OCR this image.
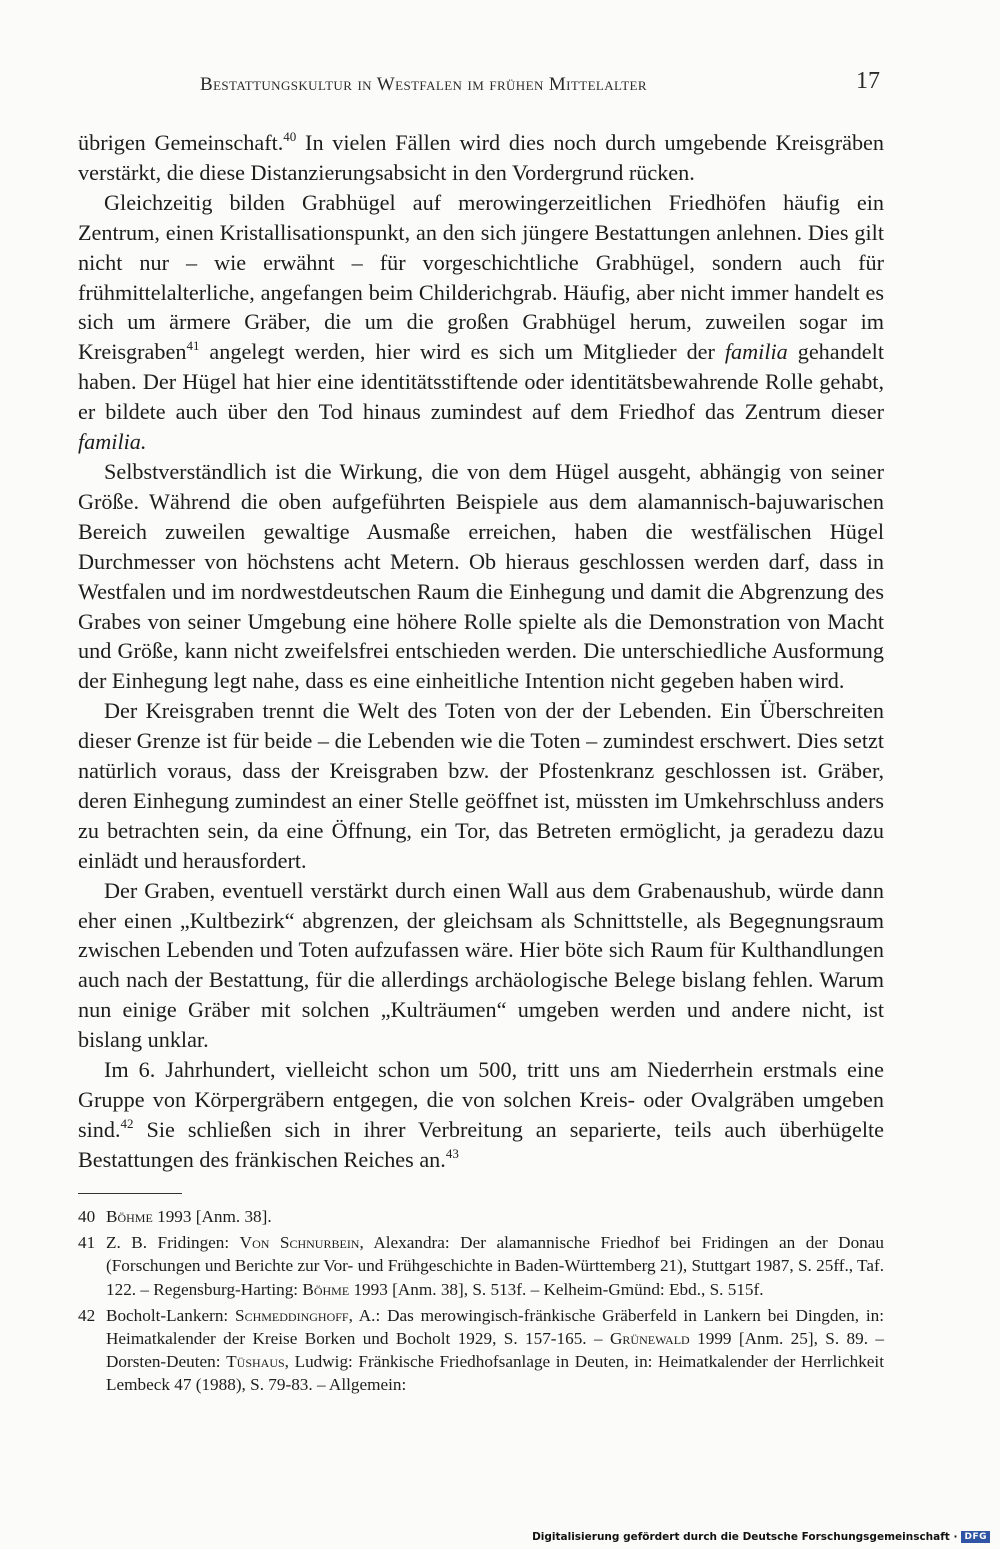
Bestattungskultur in Westfalen im frühen Mittelalter	17

übrigen Gemeinschaft.$^{40}$ In vielen Fällen wird dies noch durch umgebende Kreisgräben verstärkt, die diese Distanzierungsabsicht in den Vordergrund rücken.

Gleichzeitig bilden Grabhügel auf merowingerzeitlichen Friedhöfen häufig ein Zentrum, einen Kristallisationspunkt, an den sich jüngere Bestattungen anlehnen. Dies gilt nicht nur – wie erwähnt – für vorgeschichtliche Grabhügel, sondern auch für frühmittelalterliche, angefangen beim Childerichgrab. Häufig, aber nicht immer handelt es sich um ärmere Gräber, die um die großen Grabhügel herum, zuweilen sogar im Kreisgraben$^{41}$ angelegt werden, hier wird es sich um Mitglieder der familia gehandelt haben. Der Hügel hat hier eine identitätsstiftende oder identitätsbewahrende Rolle gehabt, er bildete auch über den Tod hinaus zumindest auf dem Friedhof das Zentrum dieser familia.

Selbstverständlich ist die Wirkung, die von dem Hügel ausgeht, abhängig von seiner Größe. Während die oben aufgeführten Beispiele aus dem alamannisch-bajuwarischen Bereich zuweilen gewaltige Ausmaße erreichen, haben die westfälischen Hügel Durchmesser von höchstens acht Metern. Ob hieraus geschlossen werden darf, dass in Westfalen und im nordwestdeutschen Raum die Einhegung und damit die Abgrenzung des Grabes von seiner Umgebung eine höhere Rolle spielte als die Demonstration von Macht und Größe, kann nicht zweifelsfrei entschieden werden. Die unterschiedliche Ausformung der Einhegung legt nahe, dass es eine einheitliche Intention nicht gegeben haben wird.

Der Kreisgraben trennt die Welt des Toten von der der Lebenden. Ein Überschreiten dieser Grenze ist für beide – die Lebenden wie die Toten – zumindest erschwert. Dies setzt natürlich voraus, dass der Kreisgraben bzw. der Pfostenkranz geschlossen ist. Gräber, deren Einhegung zumindest an einer Stelle geöffnet ist, müssten im Umkehrschluss anders zu betrachten sein, da eine Öffnung, ein Tor, das Betreten ermöglicht, ja geradezu dazu einlädt und herausfordert.

Der Graben, eventuell verstärkt durch einen Wall aus dem Grabenaushub, würde dann eher einen „Kultbezirk“ abgrenzen, der gleichsam als Schnittstelle, als Begegnungsraum zwischen Lebenden und Toten aufzufassen wäre. Hier böte sich Raum für Kulthandlungen auch nach der Bestattung, für die allerdings archäologische Belege bislang fehlen. Warum nun einige Gräber mit solchen „Kulträumen“ umgeben werden und andere nicht, ist bislang unklar.

Im 6. Jahrhundert, vielleicht schon um 500, tritt uns am Niederrhein erstmals eine Gruppe von Körpergräbern entgegen, die von solchen Kreis- oder Ovalgräben umgeben sind.$^{42}$ Sie schließen sich in ihrer Verbreitung an separierte, teils auch überhügelte Bestattungen des fränkischen Reiches an.$^{43}$

40 Böhme 1993 [Anm. 38].
41 Z. B. Fridingen: Von Schnurbein, Alexandra: Der alamannische Friedhof bei Fridingen an der Donau (Forschungen und Berichte zur Vor- und Frühgeschichte in Baden-Württemberg 21), Stuttgart 1987, S. 25ff., Taf. 122. – Regensburg-Harting: Böhme 1993 [Anm. 38], S. 513f. – Kelheim-Gmünd: Ebd., S. 515f.
42 Bocholt-Lankern: Schmeddinghoff, A.: Das merowingisch-fränkische Gräberfeld in Lankern bei Dingden, in: Heimatkalender der Kreise Borken und Bocholt 1929, S. 157-165. – Grünewald 1999 [Anm. 25], S. 89. – Dorsten-Deuten: Tüshaus, Ludwig: Fränkische Friedhofsanlage in Deuten, in: Heimatkalender der Herrlichkeit Lembeck 47 (1988), S. 79-83. – Allgemein:
Digitalisierung gefördert durch die Deutsche Forschungsgemeinschaft · DFG
